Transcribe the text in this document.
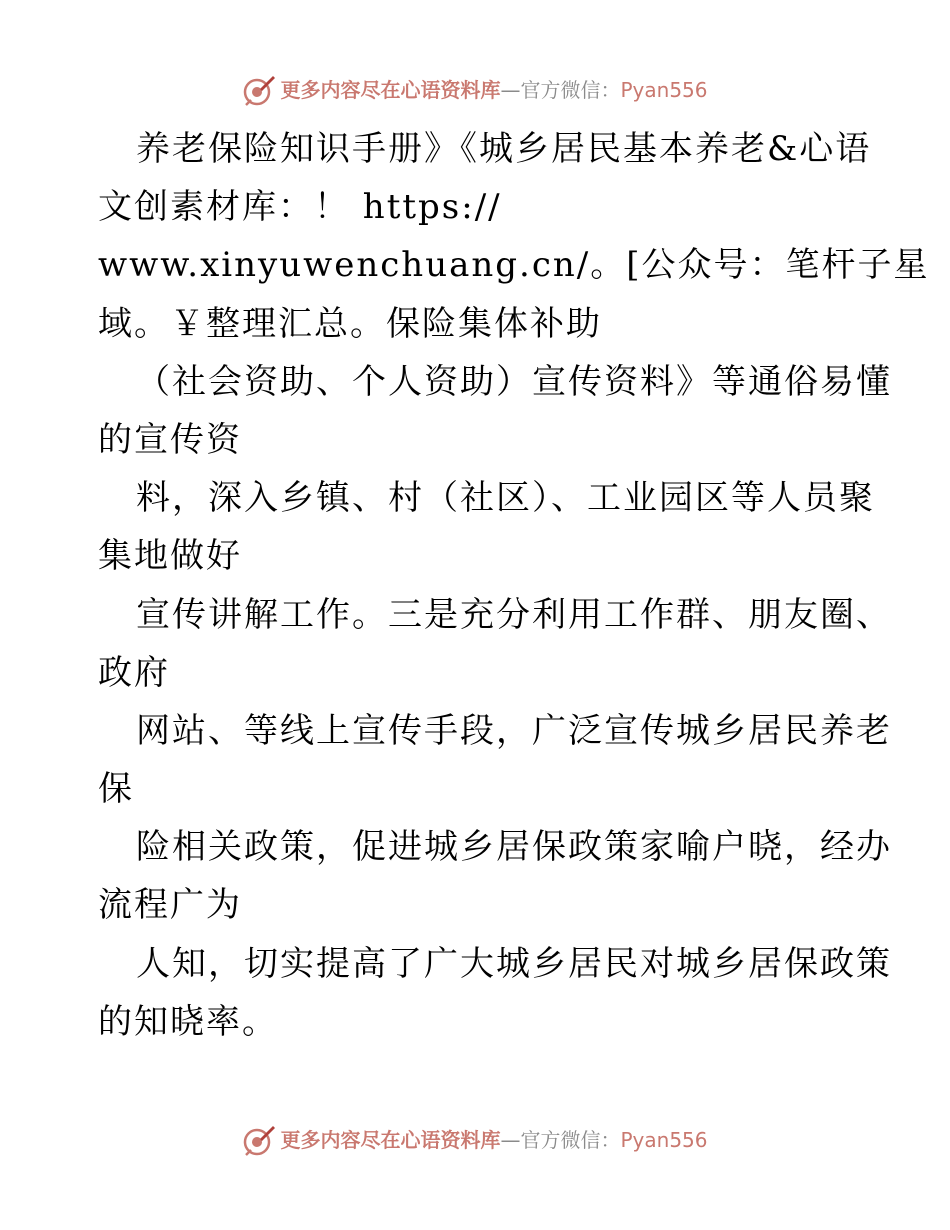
更多内容尽在心语资料库 —官方微信： Pyan556
养老保险知识手册》《城乡居民基本养老&心语
文创素材库：！ https://
www.xinyuwenchuang.cn/。[公众号：笔杆子星
域。￥整理汇总。保险集体补助
（社会资助、个人资助）宣传资料》等通俗易懂
的宣传资
料，深入乡镇、村（社区）、工业园区等人员聚
集地做好
宣传讲解工作。三是充分利用工作群、朋友圈、
政府
网站、等线上宣传手段，广泛宣传城乡居民养老
保
险相关政策，促进城乡居保政策家喻户晓，经办
流程广为
人知，切实提高了广大城乡居民对城乡居保政策
的知晓率。
更多内容尽在心语资料库 —官方微信： Pyan556
